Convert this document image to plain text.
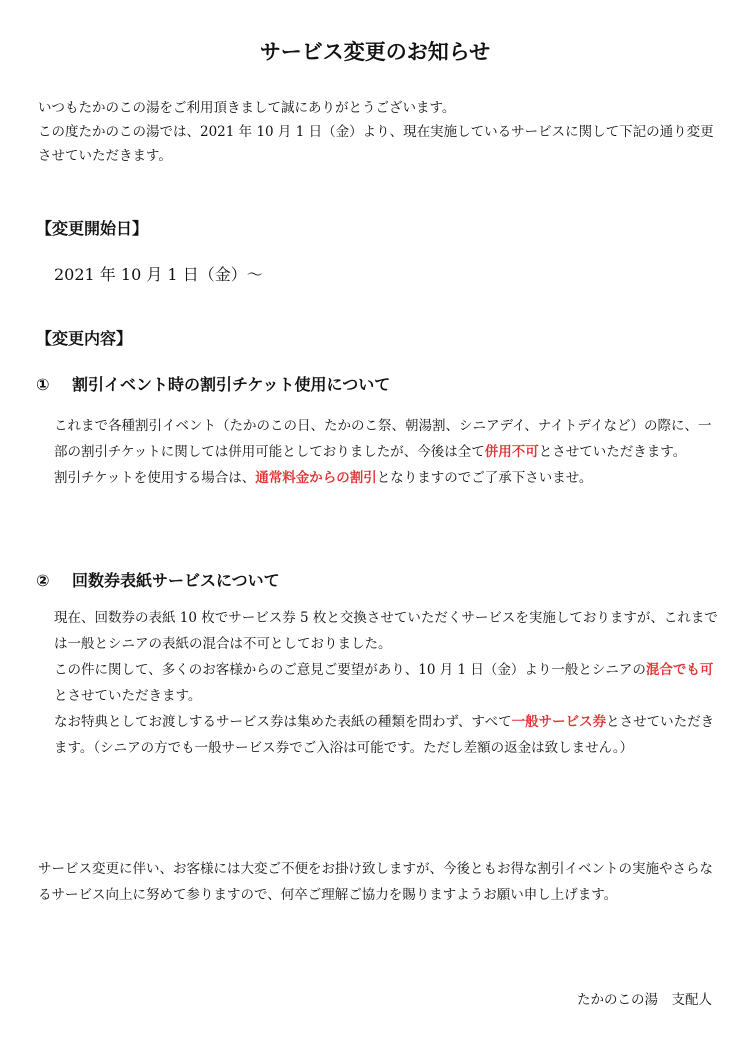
サービス変更のお知らせ

いつもたかのこの湯をご利用頂きまして誠にありがとうございます。

この度たかのこの湯では、2021 年 10 月 1 日（金）より、現在実施しているサービスに関して下記の通り変更させていただきます。

【変更開始日】
2021 年 10 月 1 日（金）〜
【変更内容】
① 割引イベント時の割引チケット使用について

これまで各種割引イベント（たかのこの日、たかのこ祭、朝湯割、シニアデイ、ナイトデイなど）の際に、一部の割引チケットに関しては併用可能としておりましたが、今後は全て併用不可とさせていただきます。

割引チケットを使用する場合は、通常料金からの割引となりますのでご了承下さいませ。

② 回数券表紙サービスについて

現在、回数券の表紙 10 枚でサービス券 5 枚と交換させていただくサービスを実施しておりますが、これまでは一般とシニアの表紙の混合は不可としておりました。

この件に関して、多くのお客様からのご意見ご要望があり、10 月 1 日（金）より一般とシニアの混合でも可とさせていただきます。

なお特典としてお渡しするサービス券は集めた表紙の種類を問わず、すべて一般サービス券とさせていただきます。（シニアの方でも一般サービス券でご入浴は可能です。ただし差額の返金は致しません。）

サービス変更に伴い、お客様には大変ご不便をお掛け致しますが、今後ともお得な割引イベントの実施やさらなるサービス向上に努めて参りますので、何卒ご理解ご協力を賜りますようお願い申し上げます。

たかのこの湯　支配人
